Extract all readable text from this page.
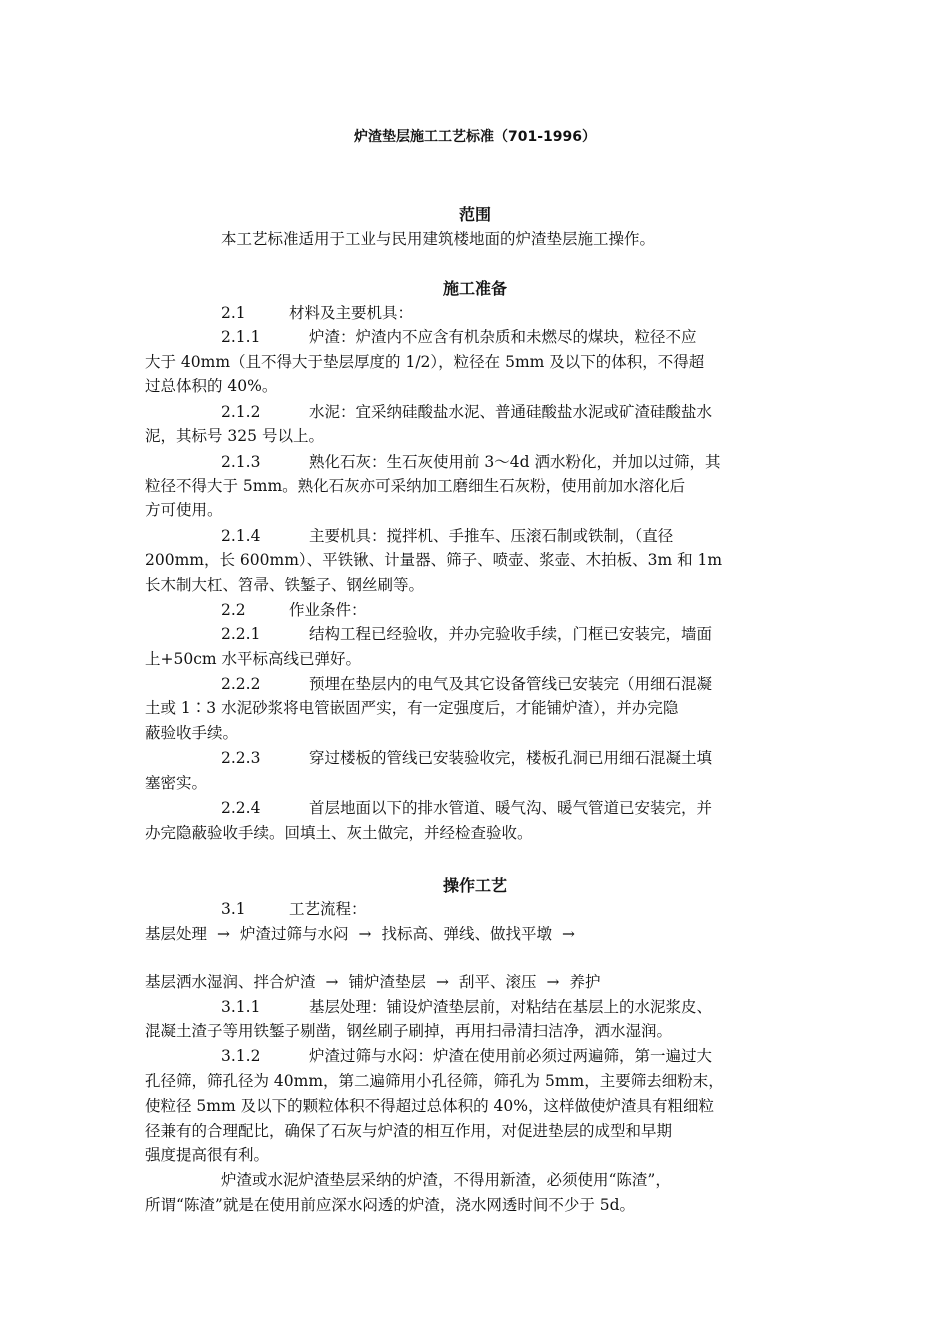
炉渣垫层施工工艺标准（701-1996）
范围
本工艺标准适用于工业与民用建筑楼地面的炉渣垫层施工操作。
施工准备
2.1	材料及主要机具：
2.1.1	炉渣：炉渣内不应含有机杂质和未燃尽的煤块，粒径不应
大于 40mm（且不得大于垫层厚度的 1/2），粒径在 5mm 及以下的体积，不得超
过总体积的 40%。
2.1.2	水泥：宜采纳硅酸盐水泥、普通硅酸盐水泥或矿渣硅酸盐水
泥，其标号 325 号以上。
2.1.3	熟化石灰：生石灰使用前 3～4d 洒水粉化，并加以过筛，其
粒径不得大于 5mm。熟化石灰亦可采纳加工磨细生石灰粉，使用前加水溶化后
方可使用。
2.1.4	主要机具：搅拌机、手推车、压滚石制或铁制，（直径
200mm，长 600mm）、平铁锹、计量器、筛子、喷壶、浆壶、木拍板、3m 和 1m
长木制大杠、笤帚、铁錾子、钢丝刷等。
2.2	作业条件：
2.2.1	结构工程已经验收，并办完验收手续，门框已安装完，墙面
上+50cm 水平标高线已弹好。
2.2.2	预埋在垫层内的电气及其它设备管线已安装完（用细石混凝
土或 1∶3 水泥砂浆将电管嵌固严实，有一定强度后，才能铺炉渣），并办完隐
蔽验收手续。
2.2.3	穿过楼板的管线已安装验收完，楼板孔洞已用细石混凝土填
塞密实。
2.2.4	首层地面以下的排水管道、暖气沟、暖气管道已安装完，并
办完隐蔽验收手续。回填土、灰土做完，并经检查验收。
操作工艺
3.1	工艺流程：
基层处理 → 炉渣过筛与水闷 → 找标高、弹线、做找平墩 →
基层洒水湿润、拌合炉渣 → 铺炉渣垫层 → 刮平、滚压 → 养护
3.1.1	基层处理：铺设炉渣垫层前，对粘结在基层上的水泥浆皮、
混凝土渣子等用铁錾子剔凿，钢丝刷子刷掉，再用扫帚清扫洁净，洒水湿润。
3.1.2	炉渣过筛与水闷：炉渣在使用前必须过两遍筛，第一遍过大
孔径筛，筛孔径为 40mm，第二遍筛用小孔径筛，筛孔为 5mm，主要筛去细粉末，
使粒径 5mm 及以下的颗粒体积不得超过总体积的 40%，这样做使炉渣具有粗细粒
径兼有的合理配比，确保了石灰与炉渣的相互作用，对促进垫层的成型和早期
强度提高很有利。
炉渣或水泥炉渣垫层采纳的炉渣，不得用新渣，必须使用“陈渣”，
所谓“陈渣”就是在使用前应深水闷透的炉渣，浇水网透时间不少于 5d。
